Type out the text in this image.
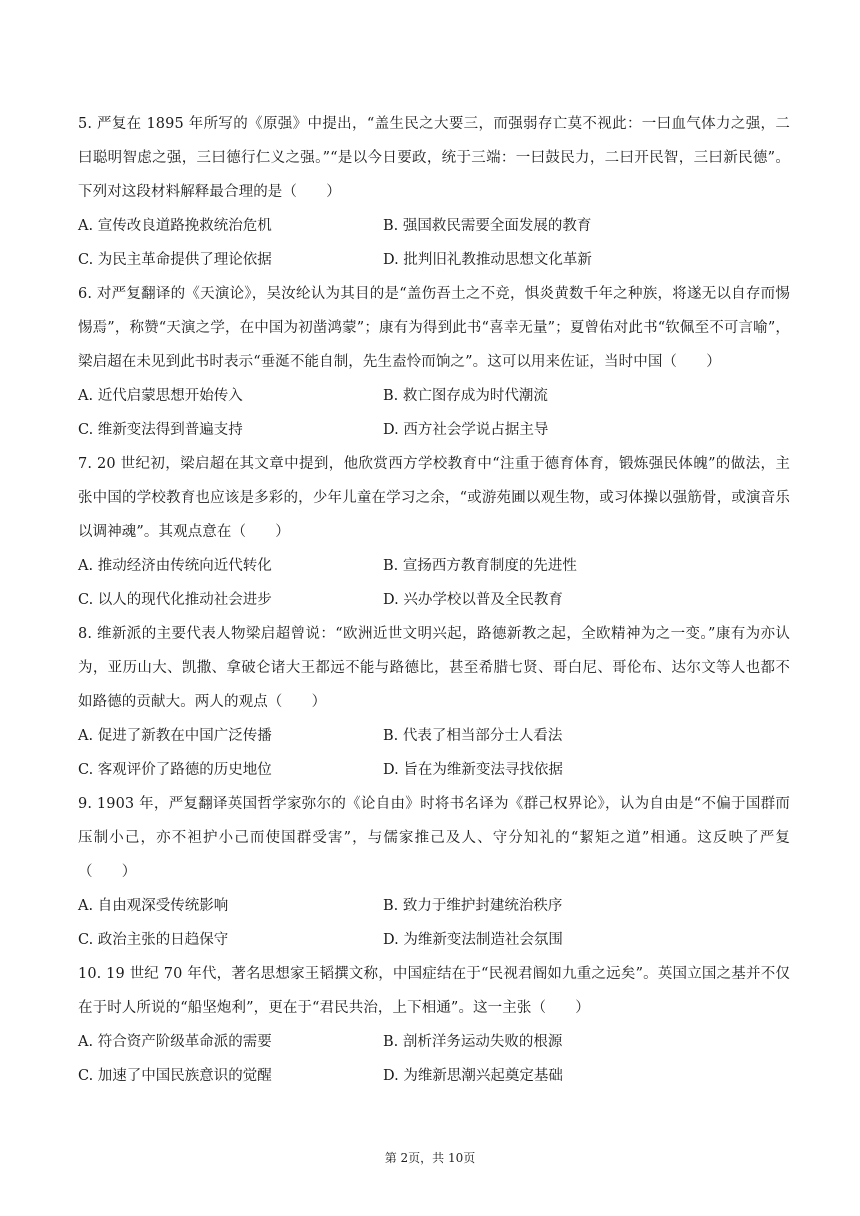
5. 严复在 1895 年所写的《原强》中提出，“盖生民之大要三，而强弱存亡莫不视此：一曰血气体力之强，二曰聪明智虑之强，三曰德行仁义之强。”“是以今日要政，统于三端：一曰鼓民力，二曰开民智，三曰新民德”。下列对这段材料解释最合理的是（　　）

A. 宣传改良道路挽救统治危机	B. 强国救民需要全面发展的教育
C. 为民主革命提供了理论依据	D. 批判旧礼教推动思想文化革新

6. 对严复翻译的《天演论》，吴汝纶认为其目的是“盖伤吾土之不竞，惧炎黄数千年之种族，将遂无以自存而惕惕焉”，称赞“天演之学，在中国为初凿鸿蒙”；康有为得到此书“喜幸无量”；夏曾佑对此书“钦佩至不可言喻”，梁启超在未见到此书时表示“垂涎不能自制，先生盍怜而饷之”。这可以用来佐证，当时中国（　　）

A. 近代启蒙思想开始传入	B. 救亡图存成为时代潮流
C. 维新变法得到普遍支持	D. 西方社会学说占据主导

7. 20 世纪初，梁启超在其文章中提到，他欣赏西方学校教育中“注重于德育体育，锻炼强民体魄”的做法，主张中国的学校教育也应该是多彩的，少年儿童在学习之余，“或游苑圃以观生物，或习体操以强筋骨，或演音乐以调神魂”。其观点意在（　　）

A. 推动经济由传统向近代转化	B. 宣扬西方教育制度的先进性
C. 以人的现代化推动社会进步	D. 兴办学校以普及全民教育

8. 维新派的主要代表人物梁启超曾说：“欧洲近世文明兴起，路德新教之起，全欧精神为之一变。”康有为亦认为，亚历山大、凯撒、拿破仑诸大王都远不能与路德比，甚至希腊七贤、哥白尼、哥伦布、达尔文等人也都不如路德的贡献大。两人的观点（　　）

A. 促进了新教在中国广泛传播	B. 代表了相当部分士人看法
C. 客观评价了路德的历史地位	D. 旨在为维新变法寻找依据

9. 1903 年，严复翻译英国哲学家弥尔的《论自由》时将书名译为《群己权界论》，认为自由是“不偏于国群而压制小己，亦不袒护小己而使国群受害”，与儒家推己及人、守分知礼的“絜矩之道”相通。这反映了严复（　　）

A. 自由观深受传统影响	B. 致力于维护封建统治秩序
C. 政治主张的日趋保守	D. 为维新变法制造社会氛围

10. 19 世纪 70 年代，著名思想家王韬撰文称，中国症结在于“民视君阍如九重之远矣”。英国立国之基并不仅在于时人所说的“船坚炮利”，更在于“君民共治，上下相通”。这一主张（　　）

A. 符合资产阶级革命派的需要	B. 剖析洋务运动失败的根源
C. 加速了中国民族意识的觉醒	D. 为维新思潮兴起奠定基础
第 2页，共 10页
